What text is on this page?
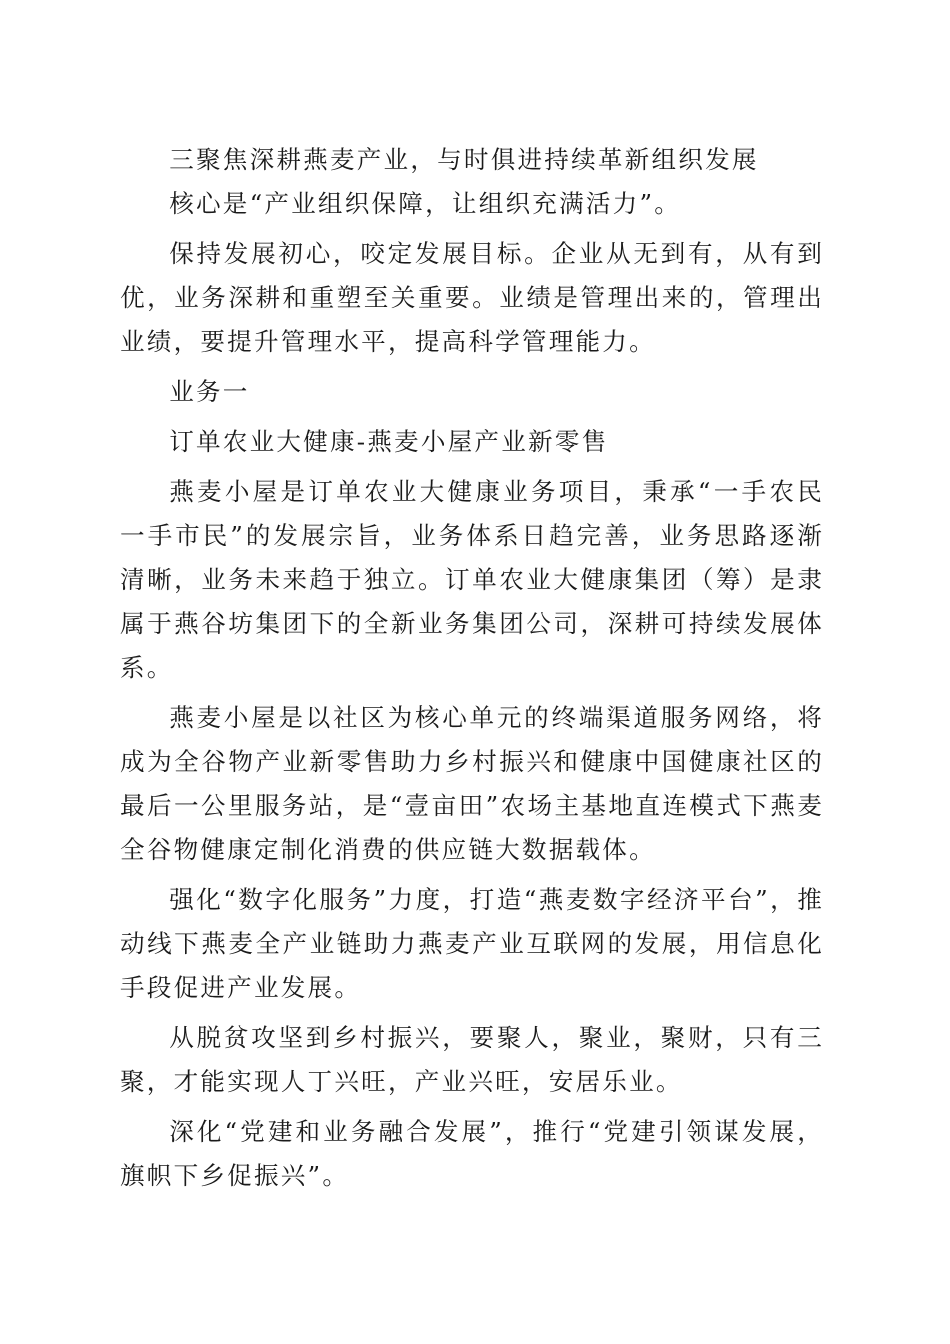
三聚焦深耕燕麦产业，与时俱进持续革新组织发展

核心是“产业组织保障，让组织充满活力”。

保持发展初心，咬定发展目标。企业从无到有，从有到优，业务深耕和重塑至关重要。业绩是管理出来的，管理出业绩，要提升管理水平，提高科学管理能力。

业务一

订单农业大健康-燕麦小屋产业新零售

燕麦小屋是订单农业大健康业务项目，秉承“一手农民一手市民”的发展宗旨，业务体系日趋完善，业务思路逐渐清晰，业务未来趋于独立。订单农业大健康集团（筹）是隶属于燕谷坊集团下的全新业务集团公司，深耕可持续发展体系。

燕麦小屋是以社区为核心单元的终端渠道服务网络，将成为全谷物产业新零售助力乡村振兴和健康中国健康社区的最后一公里服务站，是“壹亩田”农场主基地直连模式下燕麦全谷物健康定制化消费的供应链大数据载体。

强化“数字化服务”力度，打造“燕麦数字经济平台”，推动线下燕麦全产业链助力燕麦产业互联网的发展，用信息化手段促进产业发展。

从脱贫攻坚到乡村振兴，要聚人，聚业，聚财，只有三聚，才能实现人丁兴旺，产业兴旺，安居乐业。

深化“党建和业务融合发展”，推行“党建引领谋发展，旗帜下乡促振兴”。
